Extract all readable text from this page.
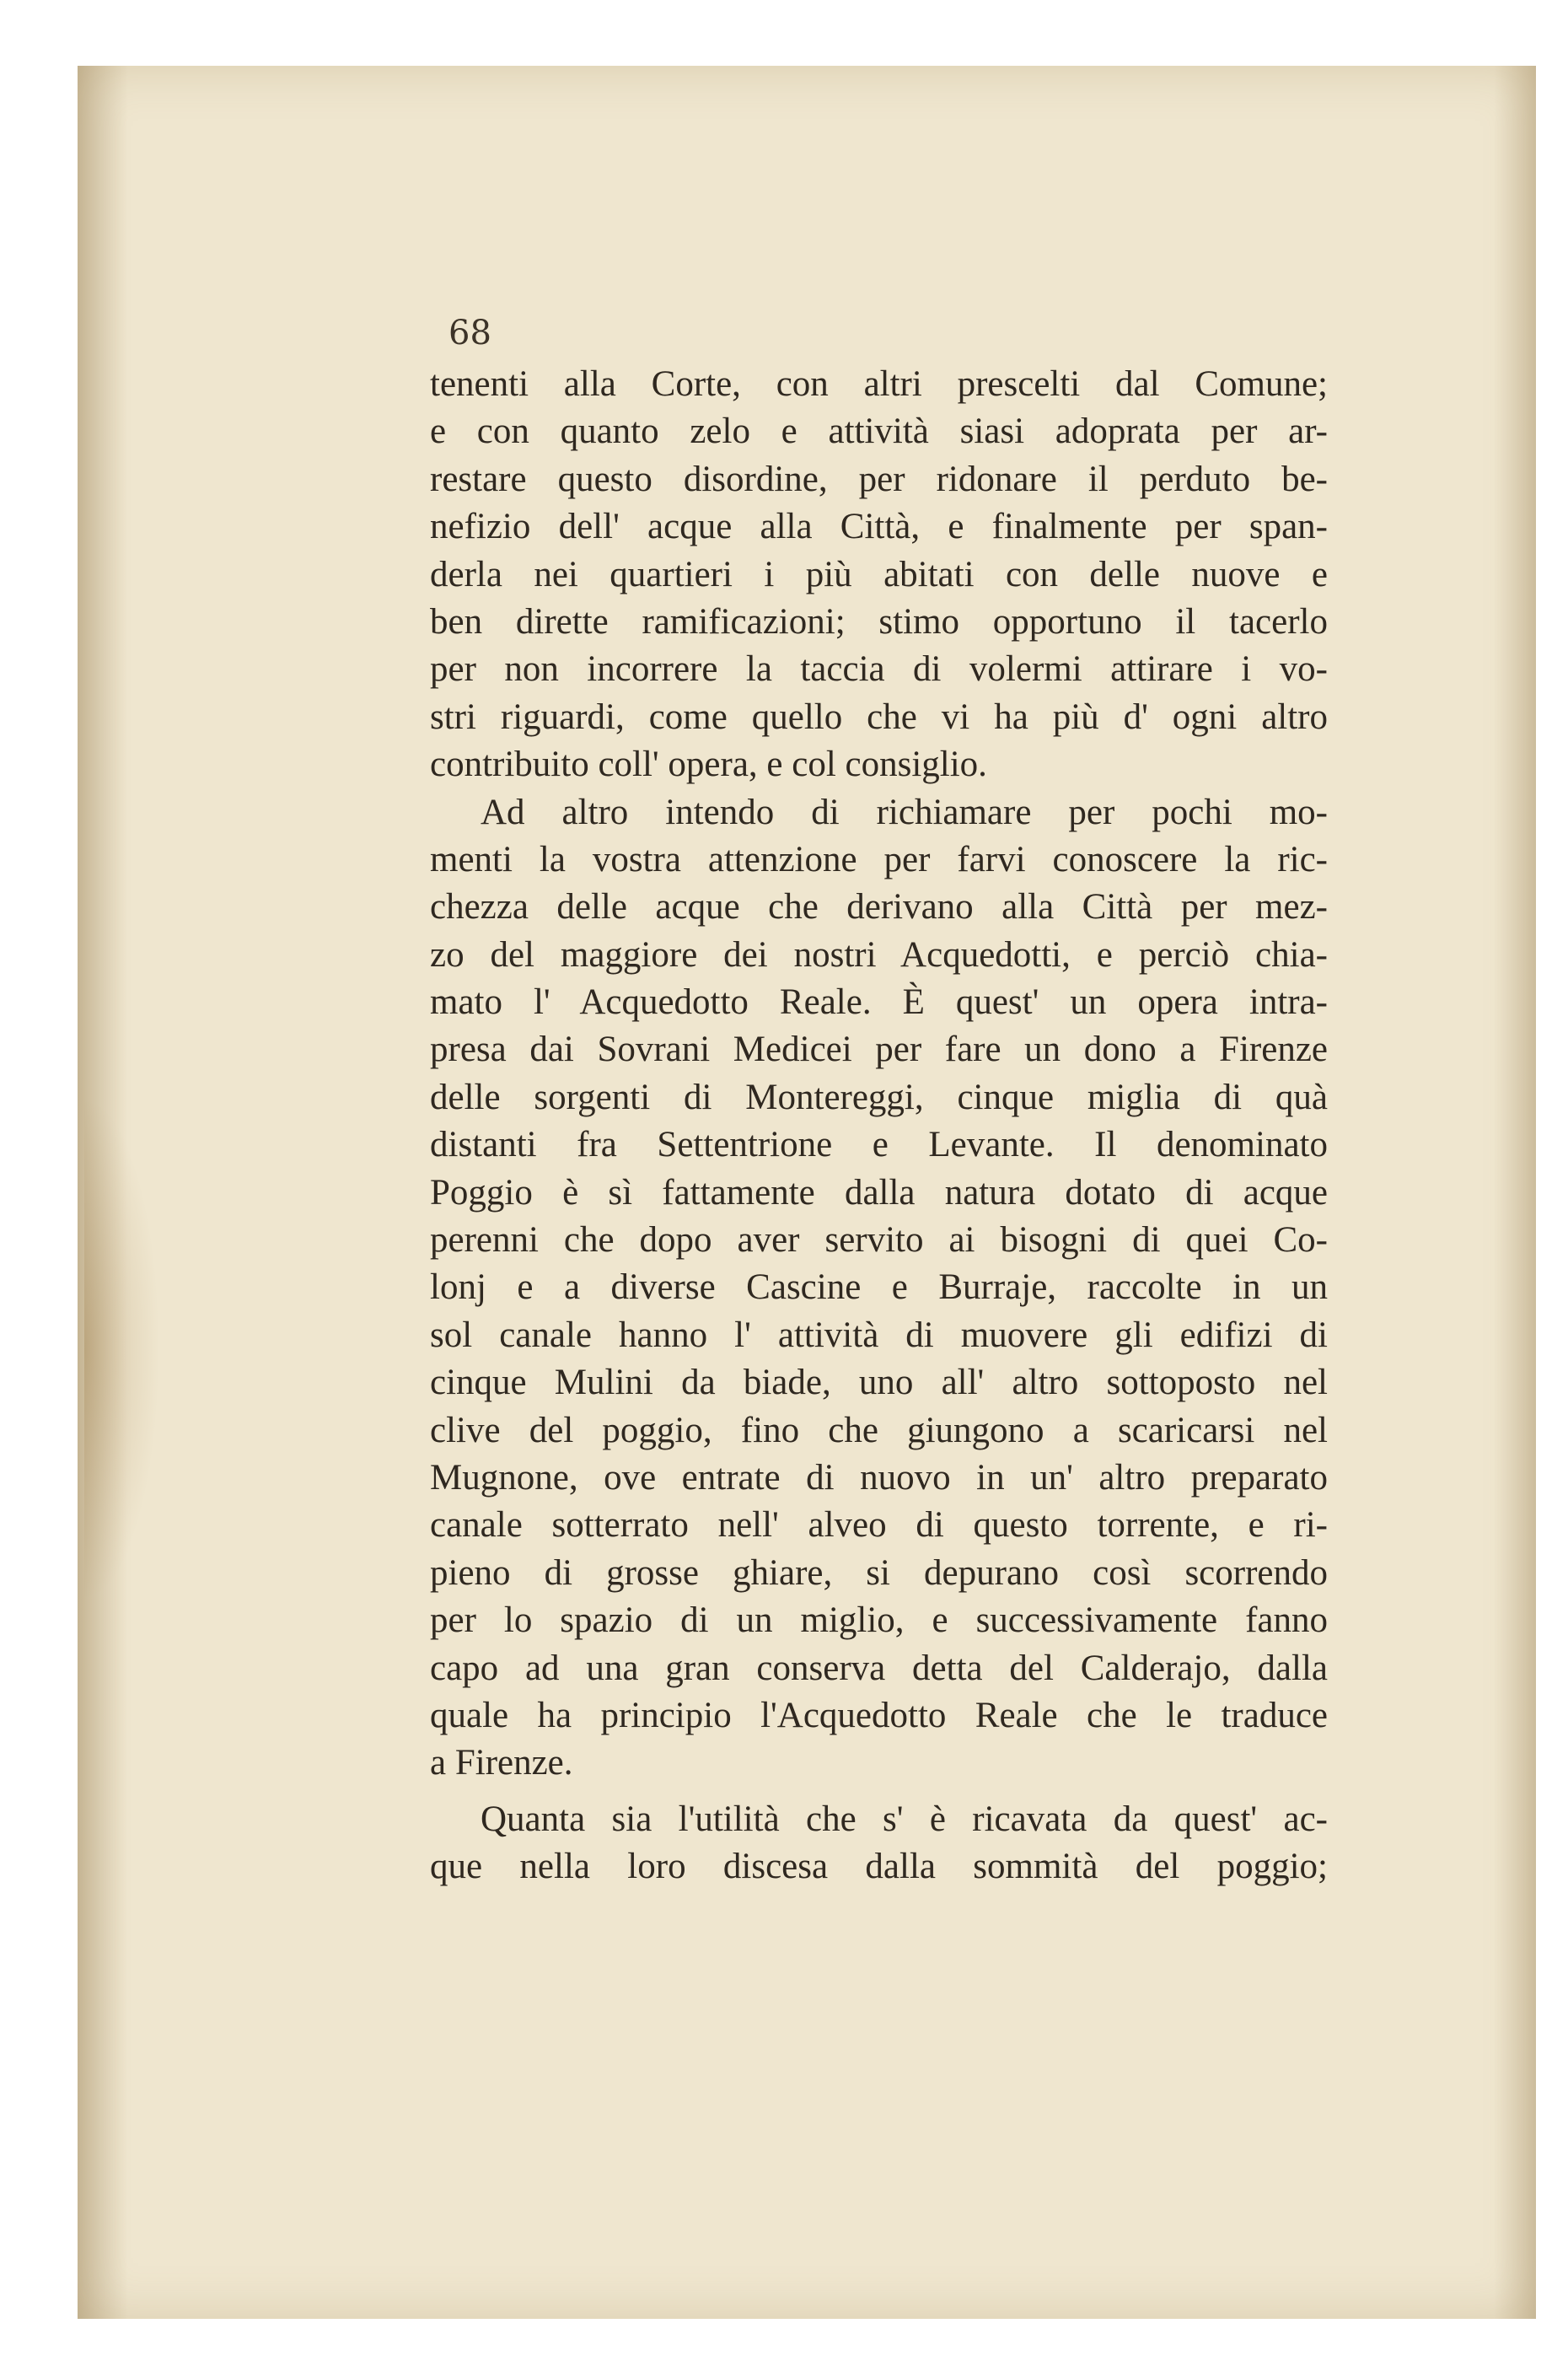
68
tenenti alla Corte, con altri prescelti dal Comune;
e con quanto zelo e attività siasi adoprata per ar-
restare questo disordine, per ridonare il perduto be-
nefizio dell' acque alla Città, e finalmente per span-
derla nei quartieri i più abitati con delle nuove e
ben dirette ramificazioni; stimo opportuno il tacerlo
per non incorrere la taccia di volermi attirare i vo-
stri riguardi, come quello che vi ha più d' ogni altro
contribuito coll' opera, e col consiglio.
Ad altro intendo di richiamare per pochi mo-
menti la vostra attenzione per farvi conoscere la ric-
chezza delle acque che derivano alla Città per mez-
zo del maggiore dei nostri Acquedotti, e perciò chia-
mato l' Acquedotto Reale. È quest' un opera intra-
presa dai Sovrani Medicei per fare un dono a Firenze
delle sorgenti di Montereggi, cinque miglia di quà
distanti fra Settentrione e Levante. Il denominato
Poggio è sì fattamente dalla natura dotato di acque
perenni che dopo aver servito ai bisogni di quei Co-
lonj e a diverse Cascine e Burraje, raccolte in un
sol canale hanno l' attività di muovere gli edifizi di
cinque Mulini da biade, uno all' altro sottoposto nel
clive del poggio, fino che giungono a scaricarsi nel
Mugnone, ove entrate di nuovo in un' altro preparato
canale sotterrato nell' alveo di questo torrente, e ri-
pieno di grosse ghiare, si depurano così scorrendo
per lo spazio di un miglio, e successivamente fanno
capo ad una gran conserva detta del Calderajo, dalla
quale ha principio l'Acquedotto Reale che le traduce
a Firenze.
Quanta sia l'utilità che s' è ricavata da quest' ac-
que nella loro discesa dalla sommità del poggio;
